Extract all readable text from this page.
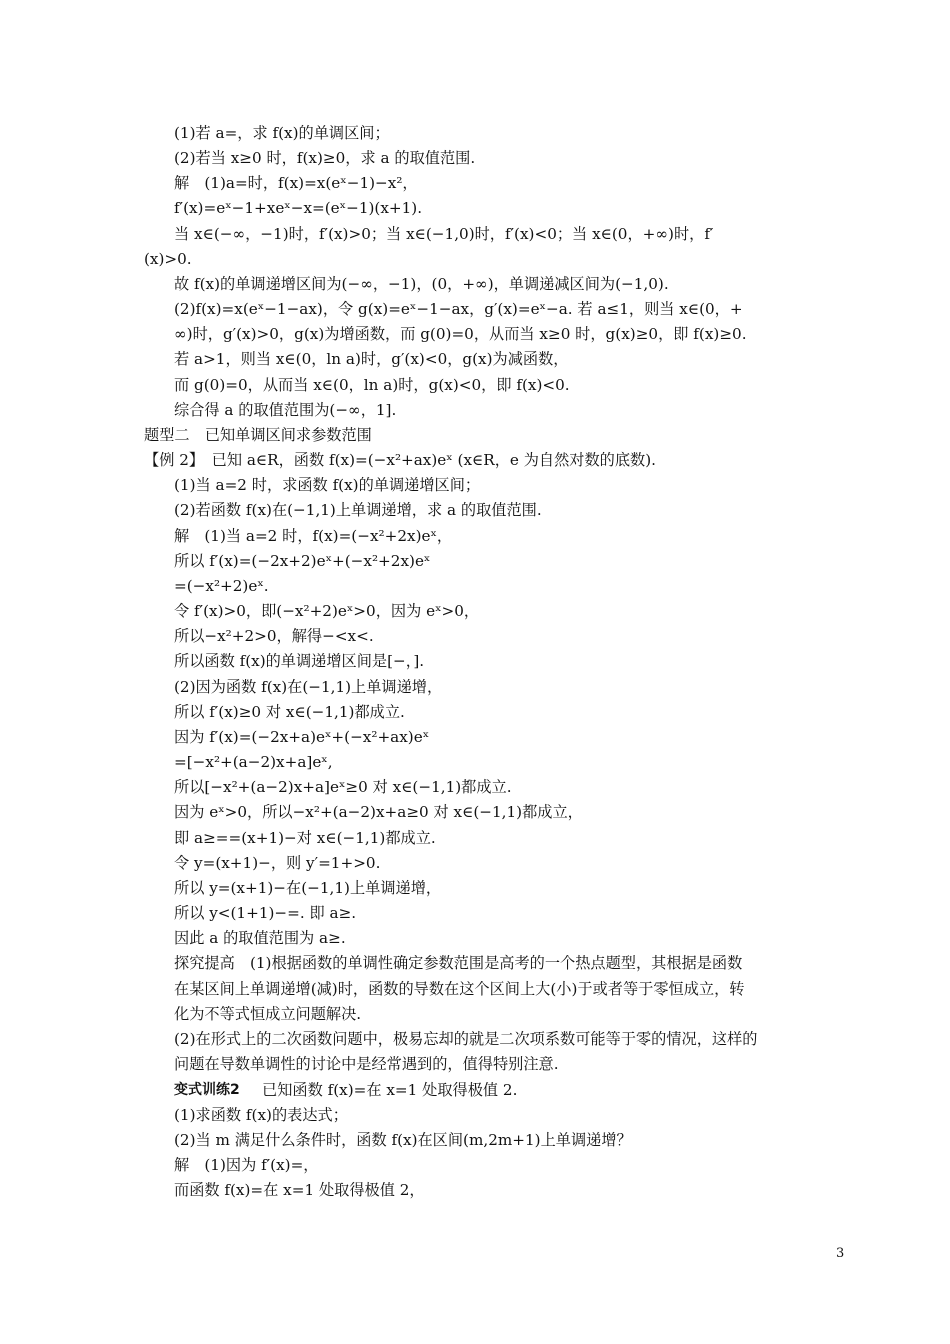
(1)若 a=，求 f(x)的单调区间；
(2)若当 x≥0 时，f(x)≥0，求 a 的取值范围.
解　(1)a=时，f(x)=x(eˣ−1)−x²，
f′(x)=eˣ−1+xeˣ−x=(eˣ−1)(x+1).
当 x∈(−∞，−1)时，f′(x)>0；当 x∈(−1,0)时，f′(x)<0；当 x∈(0，+∞)时，f′
(x)>0.
故 f(x)的单调递增区间为(−∞，−1)，(0，+∞)，单调递减区间为(−1,0).
(2)f(x)=x(eˣ−1−ax)，令 g(x)=eˣ−1−ax，g′(x)=eˣ−a. 若 a≤1，则当 x∈(0，+
∞)时，g′(x)>0，g(x)为增函数，而 g(0)=0，从而当 x≥0 时，g(x)≥0，即 f(x)≥0.
若 a>1，则当 x∈(0，ln a)时，g′(x)<0，g(x)为减函数，
而 g(0)=0，从而当 x∈(0，ln a)时，g(x)<0，即 f(x)<0.
综合得 a 的取值范围为(−∞，1].
题型二　已知单调区间求参数范围
【例 2】　已知 a∈R，函数 f(x)=(−x²+ax)eˣ (x∈R，e 为自然对数的底数).
(1)当 a=2 时，求函数 f(x)的单调递增区间；
(2)若函数 f(x)在(−1,1)上单调递增，求 a 的取值范围.
解　(1)当 a=2 时，f(x)=(−x²+2x)eˣ，
所以 f′(x)=(−2x+2)eˣ+(−x²+2x)eˣ
=(−x²+2)eˣ.
令 f′(x)>0，即(−x²+2)eˣ>0，因为 eˣ>0，
所以−x²+2>0，解得−<x<.
所以函数 f(x)的单调递增区间是[−，].
(2)因为函数 f(x)在(−1,1)上单调递增，
所以 f′(x)≥0 对 x∈(−1,1)都成立.
因为 f′(x)=(−2x+a)eˣ+(−x²+ax)eˣ
=[−x²+(a−2)x+a]eˣ,
所以[−x²+(a−2)x+a]eˣ≥0 对 x∈(−1,1)都成立.
因为 eˣ>0，所以−x²+(a−2)x+a≥0 对 x∈(−1,1)都成立，
即 a≥==(x+1)−对 x∈(−1,1)都成立.
令 y=(x+1)−，则 y′=1+>0.
所以 y=(x+1)−在(−1,1)上单调递增，
所以 y<(1+1)−=. 即 a≥.
因此 a 的取值范围为 a≥.
探究提高　(1)根据函数的单调性确定参数范围是高考的一个热点题型，其根据是函数
在某区间上单调递增(减)时，函数的导数在这个区间上大(小)于或者等于零恒成立，转
化为不等式恒成立问题解决.
(2)在形式上的二次函数问题中，极易忘却的就是二次项系数可能等于零的情况，这样的
问题在导数单调性的讨论中是经常遇到的，值得特别注意.
变式训练2 已知函数 f(x)=在 x=1 处取得极值 2.
(1)求函数 f(x)的表达式；
(2)当 m 满足什么条件时，函数 f(x)在区间(m,2m+1)上单调递增？
解　(1)因为 f′(x)=，
而函数 f(x)=在 x=1 处取得极值 2，
3
